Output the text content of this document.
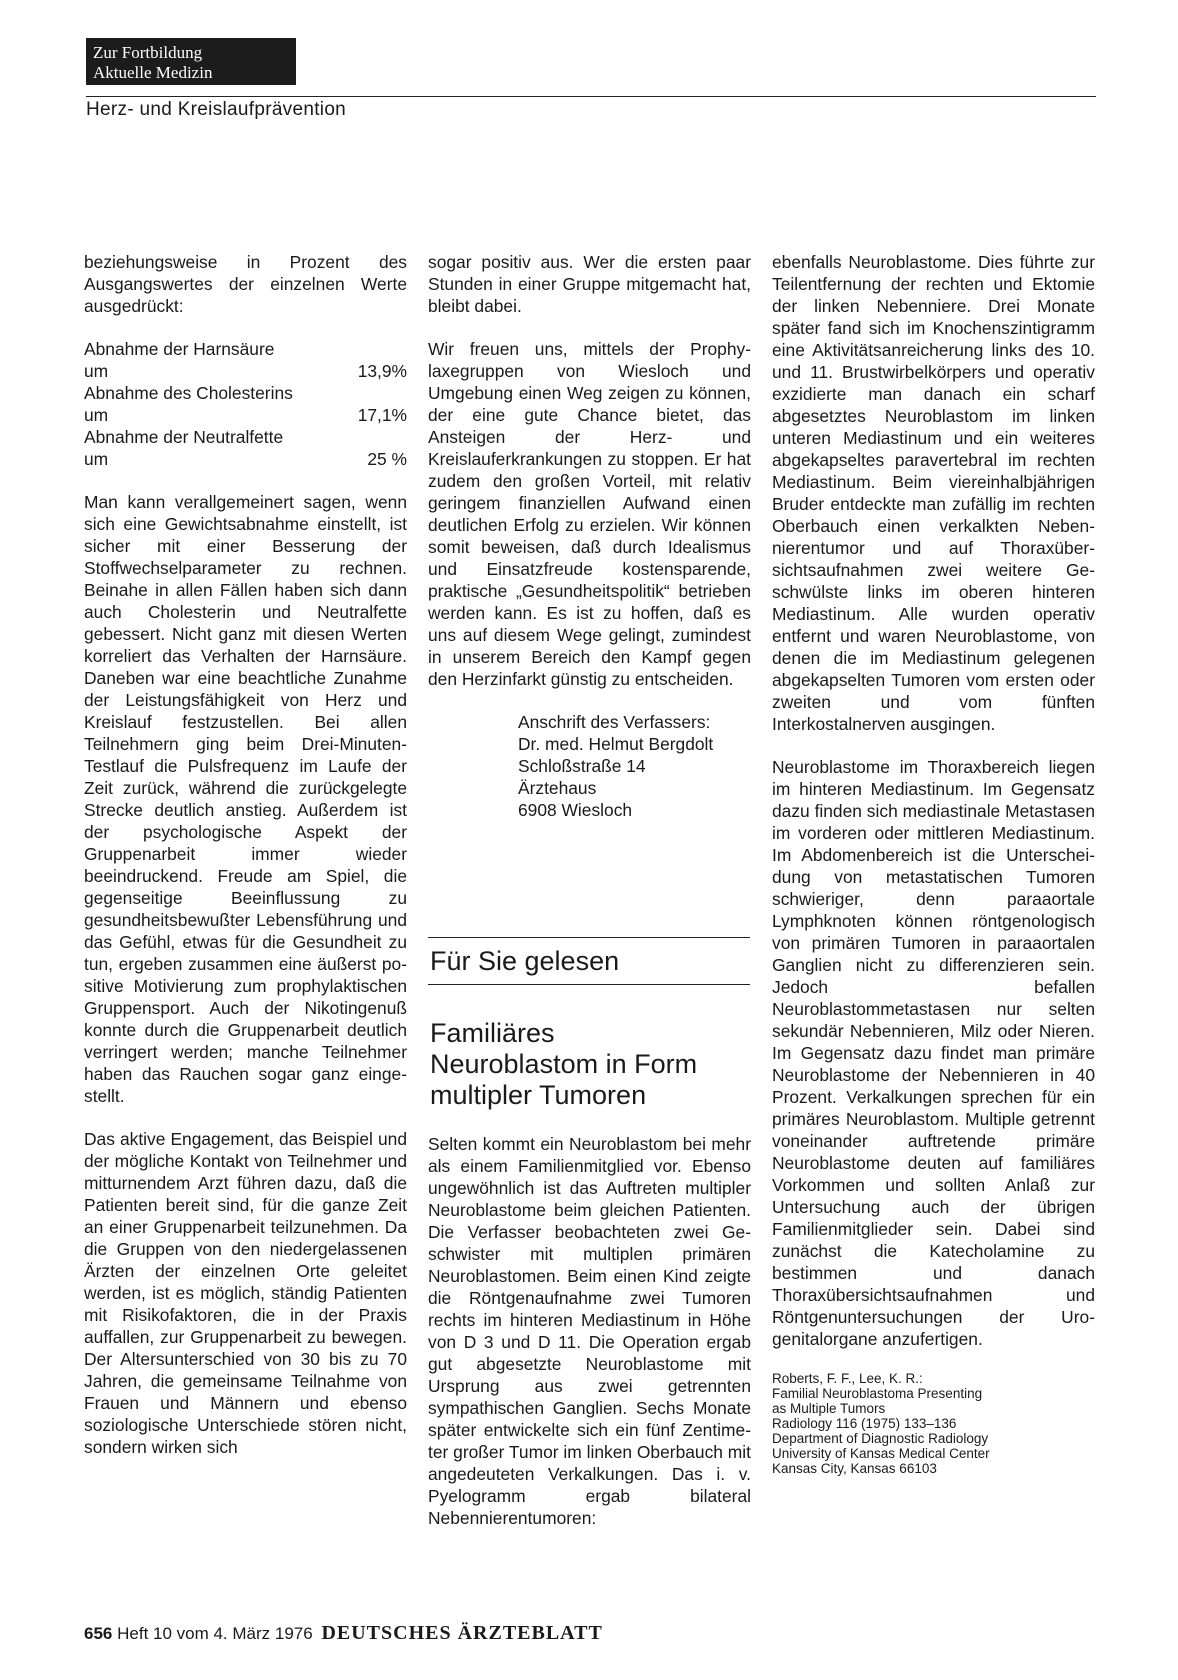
Zur Fortbildung
Aktuelle Medizin
Herz- und Kreislaufprävention

beziehungsweise in Prozent des Ausgangswertes der einzelnen Werte ausgedrückt:

Abnahme der Harnsäure
um	13,9%
Abnahme des Cholesterins
um	17,1%
Abnahme der Neutralfette
um	25 %

Man kann verallgemeinert sagen, wenn sich eine Gewichtsabnahme einstellt, ist sicher mit einer Besserung der Stoffwechselparameter zu rechnen. Beinahe in allen Fällen haben sich dann auch Cholesterin und Neutralfette gebessert. Nicht ganz mit diesen Werten korreliert das Verhalten der Harnsäure. Daneben war eine beachtliche Zunahme der Leistungsfähigkeit von Herz und Kreislauf festzustellen. Bei allen Teilnehmern ging beim Drei-Minuten-Testlauf die Pulsfrequenz im Laufe der Zeit zurück, während die zurückgelegte Strecke deutlich anstieg. Außerdem ist der psychologische Aspekt der Gruppenarbeit immer wieder beeindruckend. Freude am Spiel, die gegenseitige Beeinflussung zu gesundheitsbewußter Lebensführung und das Gefühl, etwas für die Gesundheit zu tun, ergeben zusammen eine äußerst positive Motivierung zum prophylaktischen Gruppensport. Auch der Nikotingenuß konnte durch die Gruppenarbeit deutlich verringert werden; manche Teilnehmer haben das Rauchen sogar ganz eingestellt.

Das aktive Engagement, das Beispiel und der mögliche Kontakt von Teilnehmer und mitturnendem Arzt führen dazu, daß die Patienten bereit sind, für die ganze Zeit an einer Gruppenarbeit teilzunehmen. Da die Gruppen von den niedergelassenen Ärzten der einzelnen Orte geleitet werden, ist es möglich, ständig Patienten mit Risikofaktoren, die in der Praxis auffallen, zur Gruppenarbeit zu bewegen. Der Altersunterschied von 30 bis zu 70 Jahren, die gemeinsame Teilnahme von Frauen und Männern und ebenso soziologische Unterschiede stören nicht, sondern wirken sich

sogar positiv aus. Wer die ersten paar Stunden in einer Gruppe mitgemacht hat, bleibt dabei.

Wir freuen uns, mittels der Prophylaxegruppen von Wiesloch und Umgebung einen Weg zeigen zu können, der eine gute Chance bietet, das Ansteigen der Herz- und Kreislauferkrankungen zu stoppen. Er hat zudem den großen Vorteil, mit relativ geringem finanziellen Aufwand einen deutlichen Erfolg zu erzielen. Wir können somit beweisen, daß durch Idealismus und Einsatzfreude kostensparende, praktische „Gesundheitspolitik“ betrieben werden kann. Es ist zu hoffen, daß es uns auf diesem Wege gelingt, zumindest in unserem Bereich den Kampf gegen den Herzinfarkt günstig zu entscheiden.

Anschrift des Verfassers:
Dr. med. Helmut Bergdolt
Schloßstraße 14
Ärztehaus
6908 Wiesloch
Für Sie gelesen
Familiäres
Neuroblastom in Form
multipler Tumoren

Selten kommt ein Neuroblastom bei mehr als einem Familienmitglied vor. Ebenso ungewöhnlich ist das Auftreten multipler Neuroblastome beim gleichen Patienten. Die Verfasser beobachteten zwei Geschwister mit multiplen primären Neuroblastomen. Beim einen Kind zeigte die Röntgenaufnahme zwei Tumoren rechts im hinteren Mediastinum in Höhe von D 3 und D 11. Die Operation ergab gut abgesetzte Neuroblastome mit Ursprung aus zwei getrennten sympathischen Ganglien. Sechs Monate später entwickelte sich ein fünf Zentimeter großer Tumor im linken Oberbauch mit angedeuteten Verkalkungen. Das i. v. Pyelogramm ergab bilateral Nebennierentumoren:

ebenfalls Neuroblastome. Dies führte zur Teilentfernung der rechten und Ektomie der linken Nebenniere. Drei Monate später fand sich im Knochenszintigramm eine Aktivitätsanreicherung links des 10. und 11. Brustwirbelkörpers und operativ exzidierte man danach ein scharf abgesetztes Neuroblastom im linken unteren Mediastinum und ein weiteres abgekapseltes paravertebral im rechten Mediastinum. Beim viereinhalbjährigen Bruder entdeckte man zufällig im rechten Oberbauch einen verkalkten Nebennierentumor und auf Thoraxübersichtsaufnahmen zwei weitere Geschwülste links im oberen hinteren Mediastinum. Alle wurden operativ entfernt und waren Neuroblastome, von denen die im Mediastinum gelegenen abgekapselten Tumoren vom ersten oder zweiten und vom fünften Interkostalnerven ausgingen.

Neuroblastome im Thoraxbereich liegen im hinteren Mediastinum. Im Gegensatz dazu finden sich mediastinale Metastasen im vorderen oder mittleren Mediastinum. Im Abdomenbereich ist die Unterscheidung von metastatischen Tumoren schwieriger, denn paraaortale Lymphknoten können röntgenologisch von primären Tumoren in paraaortalen Ganglien nicht zu differenzieren sein. Jedoch befallen Neuroblastommetastasen nur selten sekundär Nebennieren, Milz oder Nieren. Im Gegensatz dazu findet man primäre Neuroblastome der Nebennieren in 40 Prozent. Verkalkungen sprechen für ein primäres Neuroblastom. Multiple getrennt voneinander auftretende primäre Neuroblastome deuten auf familiäres Vorkommen und sollten Anlaß zur Untersuchung auch der übrigen Familienmitglieder sein. Dabei sind zunächst die Katecholamine zu bestimmen und danach Thoraxübersichtsaufnahmen und Röntgenuntersuchungen der Urogenitalorgane anzufertigen.

Roberts, F. F., Lee, K. R.:
Familial Neuroblastoma Presenting
as Multiple Tumors
Radiology 116 (1975) 133–136
Department of Diagnostic Radiology
University of Kansas Medical Center
Kansas City, Kansas 66103
656 Heft 10 vom 4. März 1976 DEUTSCHES ÄRZTEBLATT
